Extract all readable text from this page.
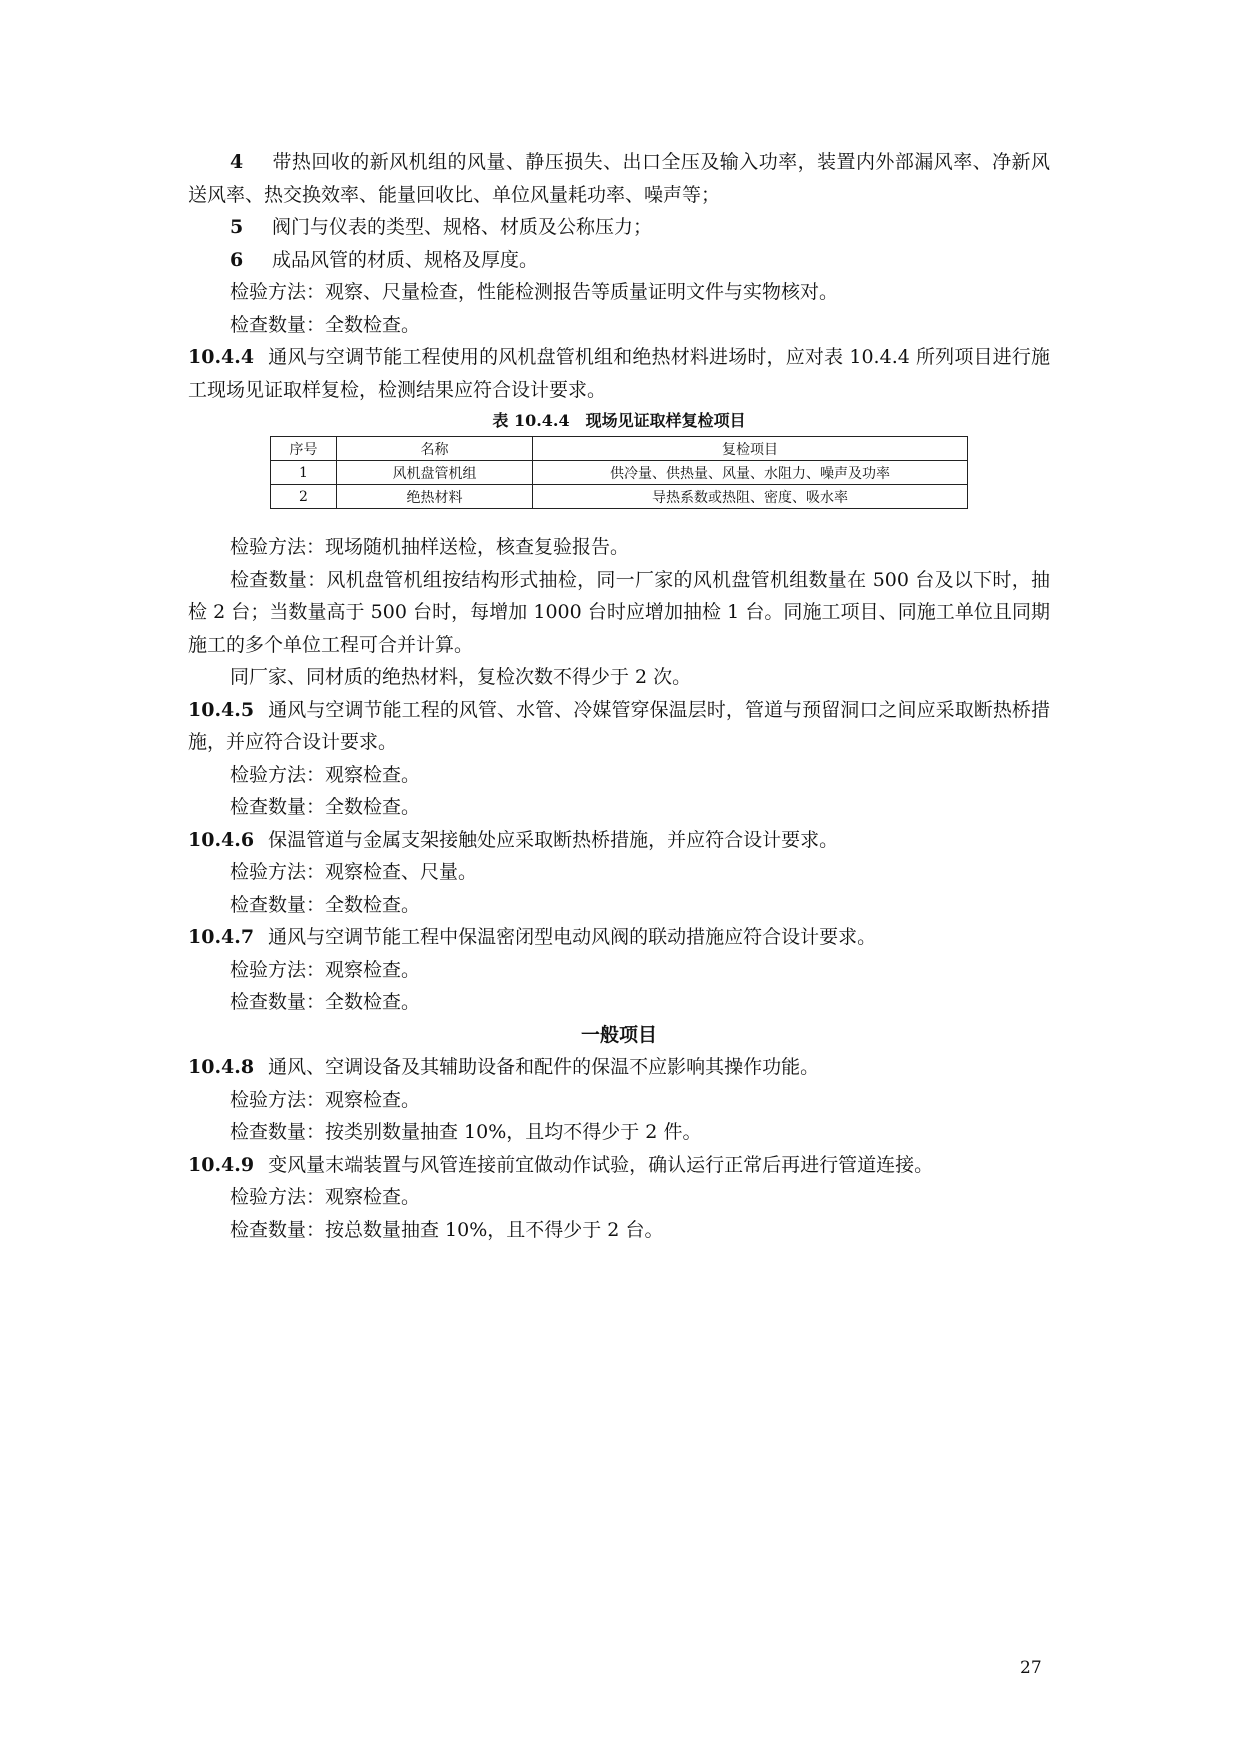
4 带热回收的新风机组的风量、静压损失、出口全压及输入功率，装置内外部漏风率、净新风送风率、热交换效率、能量回收比、单位风量耗功率、噪声等；

5 阀门与仪表的类型、规格、材质及公称压力；

6 成品风管的材质、规格及厚度。

检验方法：观察、尺量检查，性能检测报告等质量证明文件与实物核对。

检查数量：全数检查。

10.4.4 通风与空调节能工程使用的风机盘管机组和绝热材料进场时，应对表 10.4.4 所列项目进行施工现场见证取样复检，检测结果应符合设计要求。

表 10.4.4　现场见证取样复检项目

序号	名称	复检项目
1	风机盘管机组	供冷量、供热量、风量、水阻力、噪声及功率
2	绝热材料	导热系数或热阻、密度、吸水率

检验方法：现场随机抽样送检，核查复验报告。

检查数量：风机盘管机组按结构形式抽检，同一厂家的风机盘管机组数量在 500 台及以下时，抽检 2 台；当数量高于 500 台时，每增加 1000 台时应增加抽检 1 台。同施工项目、同施工单位且同期施工的多个单位工程可合并计算。

同厂家、同材质的绝热材料，复检次数不得少于 2 次。

10.4.5 通风与空调节能工程的风管、水管、冷媒管穿保温层时，管道与预留洞口之间应采取断热桥措施，并应符合设计要求。

检验方法：观察检查。

检查数量：全数检查。

10.4.6 保温管道与金属支架接触处应采取断热桥措施，并应符合设计要求。

检验方法：观察检查、尺量。

检查数量：全数检查。

10.4.7 通风与空调节能工程中保温密闭型电动风阀的联动措施应符合设计要求。

检验方法：观察检查。

检查数量：全数检查。

一般项目

10.4.8 通风、空调设备及其辅助设备和配件的保温不应影响其操作功能。

检验方法：观察检查。

检查数量：按类别数量抽查 10%，且均不得少于 2 件。

10.4.9 变风量末端装置与风管连接前宜做动作试验，确认运行正常后再进行管道连接。

检验方法：观察检查。

检查数量：按总数量抽查 10%，且不得少于 2 台。

27
